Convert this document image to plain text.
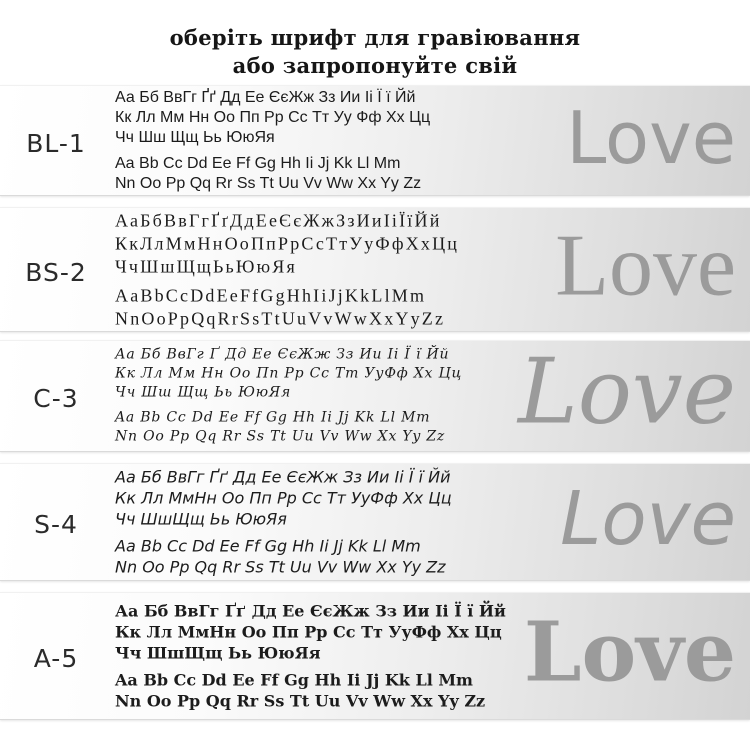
оберіть шрифт для гравіювання
або запропонуйте свій
BL-1
Аа Бб ВвГг Ґґ Дд Ее ЄєЖж Зз Ии Іі Ї ї Йй
Кк Лл Мм Нн Оо Пп Рр Сс Тт Уу Фф Хх Цц
Чч Шш Щщ Ьь ЮюЯя
Aa Bb Cc Dd Ee Ff Gg Hh Ii Jj Kk Ll Mm
Nn Oo Pp Qq Rr Ss Tt Uu Vv Ww Xx Yy Zz
Love
BS-2
АаБбВвГгҐґДдЕеЄєЖжЗзИиІіЇїЙй
КкЛлМмНнОоПпРрСсТтУуФфХхЦц
ЧчШшЩщЬьЮюЯя
AaBbCcDdEeFfGgHhIiJjKkLlMm
NnOoPpQqRrSsTtUuVvWwXxYyZz
Love
C-3
Аа Бб ВвГг Ґ Дд Ее ЄєЖж Зз Ии Іі Ї ї Йй
Кк Лл Мм Нн Оо Пп Рр Сс Тт УуФф Хх Цц
Чч Шш Щщ Ьь ЮюЯя
Aa Bb Cc Dd Ee Ff Gg Hh Ii Jj Kk Ll Mm
Nn Oo Pp Qq Rr Ss Tt Uu Vv Ww Xx Yy Zz Love
S-4
Аа Бб ВвГг Ґґ Дд Ее ЄєЖж Зз Ии Іі Ї ї Йй
Кк Лл МмНн Оо Пп Рр Сс Тт УуФф Хх Цц
Чч ШшЩщ Ьь ЮюЯя
Aa Bb Cc Dd Ee Ff Gg Hh Ii Jj Kk Ll Mm
Nn Oo Pp Qq Rr Ss Tt Uu Vv Ww Xx Yy Zz
Love
A-5
Аа Бб ВвГг Ґґ Дд Ее ЄєЖж Зз Ии Іі Ї ї Йй
Кк Лл МмНн Оо Пп Рр Сс Тт УуФф Хх Цц
Чч ШшЩщ Ьь ЮюЯя
Aa Bb Cc Dd Ee Ff Gg Hh Ii Jj Kk Ll Mm
Nn Oo Pp Qq Rr Ss Tt Uu Vv Ww Xx Yy Zz
Love
